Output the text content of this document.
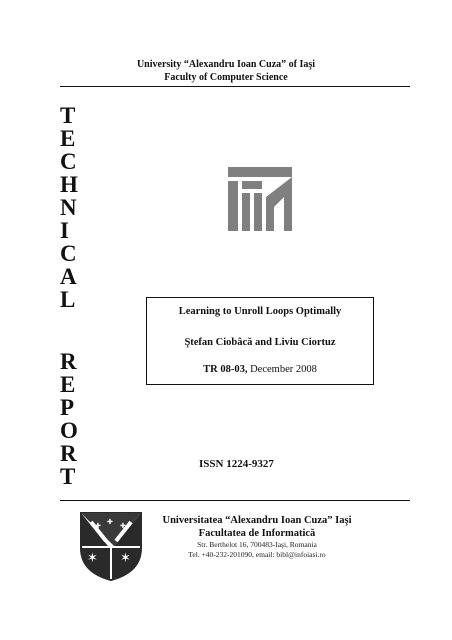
University “Alexandru Ioan Cuza” of Iaşi
Faculty of Computer Science
T
E
C
H
N
I
C
A
L
R
E
P
O
R
T
Learning to Unroll Loops Optimally
Ştefan Ciobâcă and Liviu Ciortuz
TR 08-03, December 2008
ISSN 1224-9327
✚	✚
✚
✶ ✶
Universitatea “Alexandru Ioan Cuza” Iaşi
Facultatea de Informatică
Str. Berthelot 16, 700483-Iaşi, Romania
Tel. +40-232-201090, email: bibl@infoiasi.ro
